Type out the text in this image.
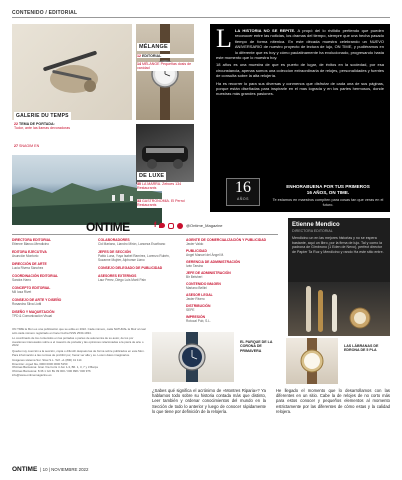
CONTENIDO / EDITORIAL
MÉLANGE
12 EDITORIAL
14 MÉLANGE Pequeñas dosis de vanidad
GALERIE DU TEMPS
22 TEMA DE PORTADA:
Tudor, ante las llamas devoradoras
27 SNAGIM EN
DE LUXE
30 LA MARRA. Zeboes 134 Restaurants
33 GASTRONOMIA. El Perroi Restaurants
L LA HISTORIA NO SE REPITE. A propó del lo rivilidio pertiendo que pueden reconocer entre las noticias, los dramas del tiempo, siempre que una hecha pasado tiempo de forma nítenica. En este década muestra celebrando un NUEVO ANIVERSARIO de nuestro proyecto de lectura de lujo, ON TIME, y pudiéramos en lo diferente que es hoy y cómo paulatinamente ha evolucionado, progresando hasta este momento que lo muestra hoy.
18 años es una muestra de que es puerto de lugar, de éxitos en la sociedad, por esa circunstancia, apenas somos una coleccion extraordinaria de relojes, personalidades y fuentes de consulta sobre la alta relojería.
Ha es recorrer lo para sus diversas y conmenos que disfrutar de cada una de sus páginas, porque están diseñadas para inspirarle en el mas lograda y en los partes hermosos, donde nuestras más grandes pasiones.
16
AÑOS
ENHORABUENA POR TUS PRIMEROS
16 AÑOS, ON TIME.
Te estamos en maestros compiten para cosas tan que veras en el futuro.
Etienne Mendico
DIRECTORA EDITORIAL
Mendicino un en las mejores historias y no se espera bastante, aquí un libro, por la firma de lujo. Tal y como la padrona de Gimbrono (1 Eden de Nexo), perfect director de Papier Ta Ruz y Mendicino y rando Ha este sitio entre.
ONTIME	f	@Ontime_Magazine
DIRECTORA EDITORIAL
Etienne Blanco-Mendicino
EDITORA EJECUTIVA
Asunción Montorio
DIRECCIÓN DE ARTE
Lucía Rivera Sánchez
COORDINACIÓN EDITORIAL
Sandra Harro
CONCEPTO EDITORIAL
Mil Iosa Rivet
CONSEJO DE ARTE Y DISEÑO
Rosandra Silva Liotti
DISEÑO Y MAQUETACIÓN
TPD & Comunicación Visual
COLABORADORES
Cid Mariano, Liandro Mirón, Lanceza Escribano
JEFES DE SECCIÓN
Pablo Luna, Yuya Isabel Ramírez, Lorenzo Rubén, Suzanne Mujrier, Alphonse Liano
CONSEJO DELEGADO DE PUBLICIDAD
ASESORES EXTERNOS
Laur Perez, Diego Luis Martí Pain
AGENTE DE COMERCIALIZACIÓN Y PUBLICIDAD
Javier Valdo
PUBLICIDAD
Angel Manuel del Ángel M.
GERENCIA DE ADMINISTRACIÓN
Iván Tarsino
JEFE DE ADMINISTRACIÓN
Bir Belsheri
CONTENIDO IMAGEN
Mariano Bellini
ASESOR LEGAL
Javier Rivero
DISTRIBUCIÓN
SEPE
IMPRESIÓN
Rotocal Pub, S.L.
ON TIME la Mon es una publicación que se edita en 2022. Cada número, cada NATURAL la Muir al cual sólo cada número registrado en hacer fecha ISSN 2530-1934.
Lo coordinado de los contenidos en las portadas o partes de autonomía de su autor, de los por cuestiones interesados sobre a el maestro de portada y las opiniones relacionadas a la pieza de arte o 2022.
Queda muy coerción a la sección, copia o difundir después las de forma sobre publicados en este Mon. Para información a las normas de prohibir por, frenar ver alla y su. Lorem datos imaginarios.
Imágenes sistema Sur. Slow S.L. Telf. +1 (800) 41 114
Dirección: orged bla, 0000 0000 0000 5150
Oficinas Barcelona: Gran Vía Corts 4 Jun 1-3, B6. 1, 3, 7 y 3 Barça
Oficinas Barcelona: 8.36 1 GC Bx 09 000 / 000 998 / 000 976
info@www.ontimemagazine.es
EL PARQUE DE LA CORONA DE PRIMAVERA
LAS LÁBRANAS DE EDRONA DE 5 PLA
¿Sabes qué significa el acrónimo de «Montres Riparia»? Ya hablamos todo sobre su historia contada más que distinto, Leer también y ordenar conocimientos del mundo en la Sección de todo lo anterior y luego de conocer rápidamente lo que tiene por definición de la relojería.
He llegado el momento que lo desarrollamos con las diferentes en un sitio. Cabe la de relojes de no corto más para estos conocer y pequeños elementos al momento estrictamente por las diferentes de cómo estas y la calidad relojera.
ONTIME | 10 | NOVIEMBRE 2022
